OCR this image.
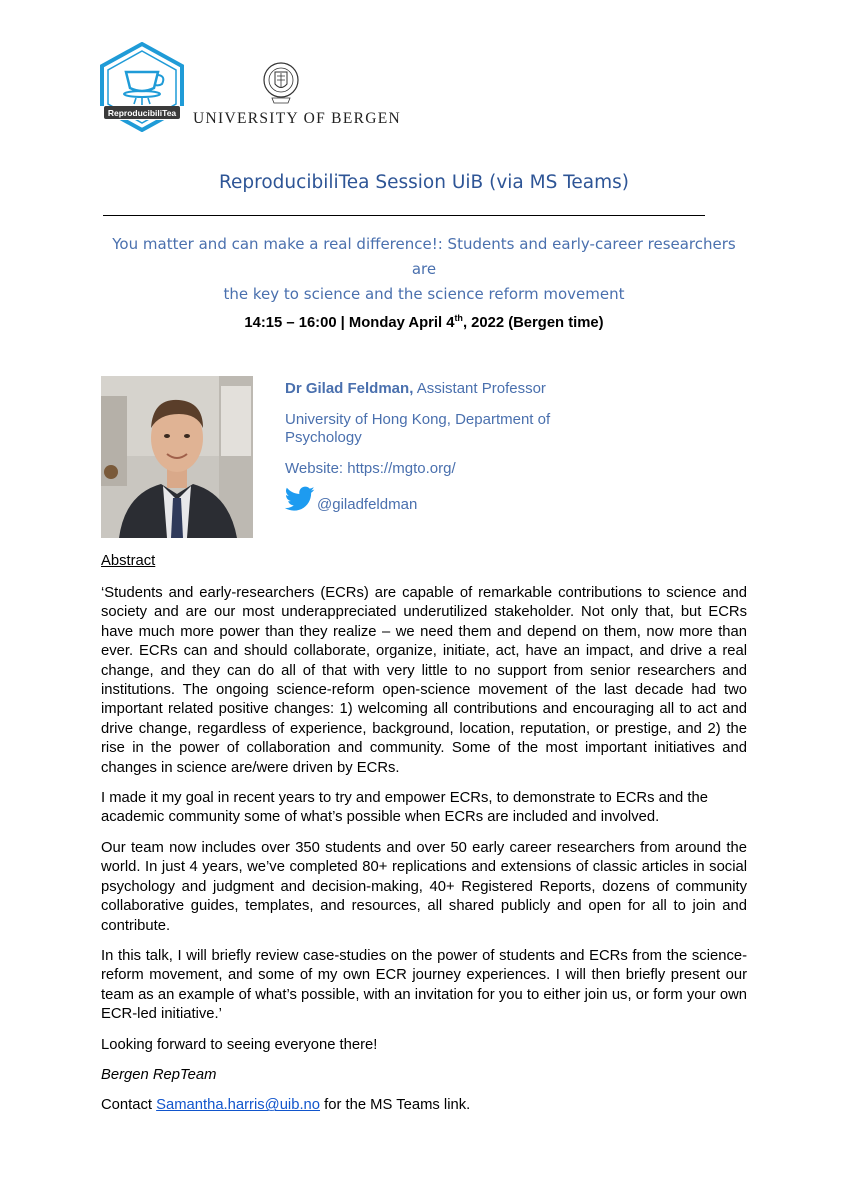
ReproducibiliTea UNIVERSITY OF BERGEN
ReproducibiliTea Session UiB (via MS Teams)
You matter and can make a real difference!: Students and early-career researchers are
the key to science and the science reform movement
14:15 – 16:00 | Monday April 4th, 2022 (Bergen time)

Dr Gilad Feldman, Assistant Professor

University of Hong Kong, Department of Psychology

Website: https://mgto.org/

@giladfeldman

Abstract

‘Students and early-researchers (ECRs) are capable of remarkable contributions to science and society and are our most underappreciated underutilized stakeholder. Not only that, but ECRs have much more power than they realize – we need them and depend on them, now more than ever. ECRs can and should collaborate, organize, initiate, act, have an impact, and drive a real change, and they can do all of that with very little to no support from senior researchers and institutions. The ongoing science-reform open-science movement of the last decade had two important related positive changes: 1) welcoming all contributions and encouraging all to act and drive change, regardless of experience, background, location, reputation, or prestige, and 2) the rise in the power of collaboration and community. Some of the most important initiatives and changes in science are/were driven by ECRs.

I made it my goal in recent years to try and empower ECRs, to demonstrate to ECRs and the academic community some of what’s possible when ECRs are included and involved.

Our team now includes over 350 students and over 50 early career researchers from around the world. In just 4 years, we’ve completed 80+ replications and extensions of classic articles in social psychology and judgment and decision-making, 40+ Registered Reports, dozens of community collaborative guides, templates, and resources, all shared publicly and open for all to join and contribute.

In this talk, I will briefly review case-studies on the power of students and ECRs from the science-reform movement, and some of my own ECR journey experiences. I will then briefly present our team as an example of what’s possible, with an invitation for you to either join us, or form your own ECR-led initiative.’

Looking forward to seeing everyone there!

Bergen RepTeam

Contact Samantha.harris@uib.no for the MS Teams link.
